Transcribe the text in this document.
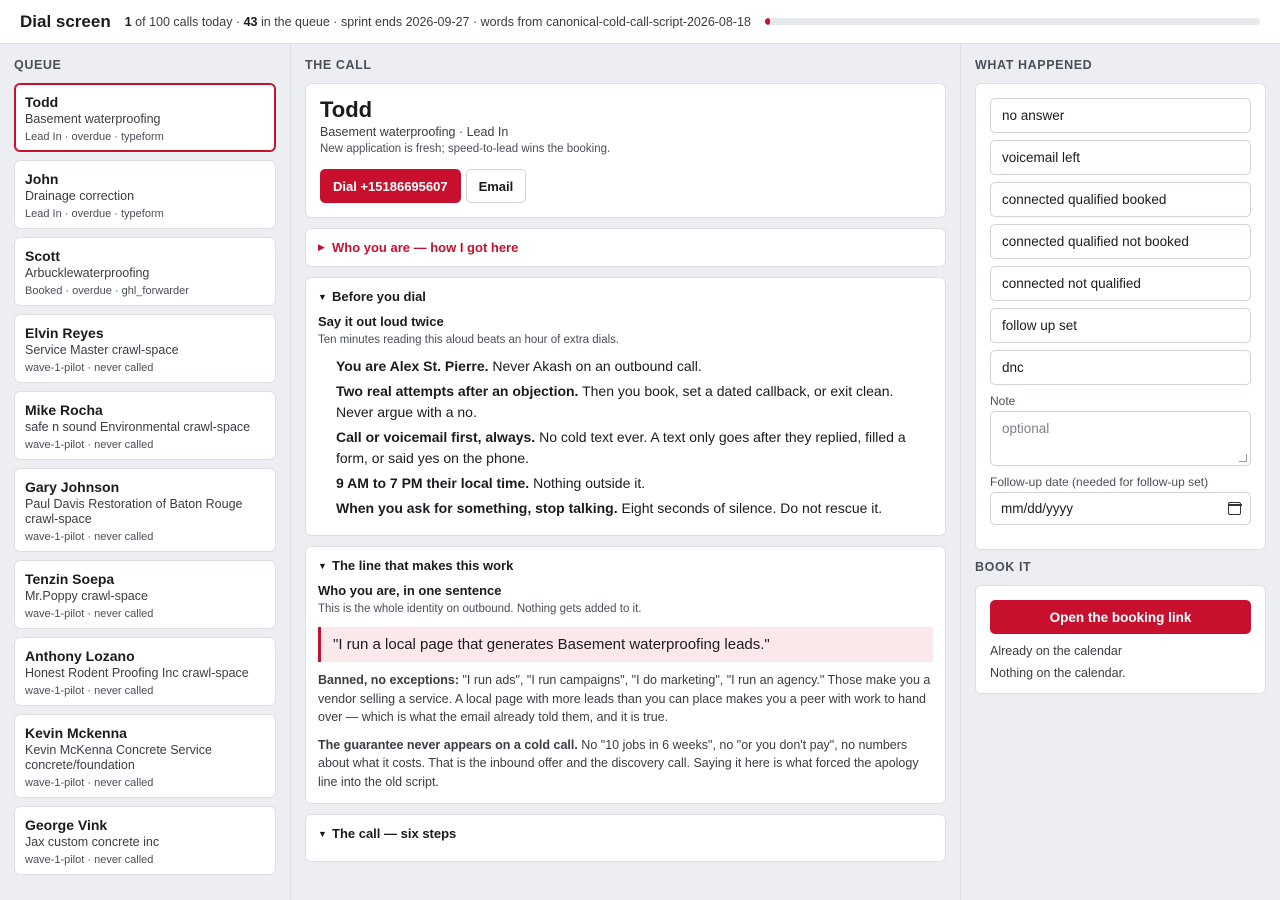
Dial screen 1 of 100 calls today · 43 in the queue · sprint ends 2026-09-27 · words from canonical-cold-call-script-2026-08-18
QUEUE
Todd
Basement waterproofing
Lead In · overdue · typeform
John
Drainage correction
Lead In · overdue · typeform
Scott
Arbucklewaterproofing
Booked · overdue · ghl_forwarder
Elvin Reyes
Service Master crawl-space
wave-1-pilot · never called
Mike Rocha
safe n sound Environmental crawl-space
wave-1-pilot · never called
Gary Johnson
Paul Davis Restoration of Baton Rouge crawl-space
wave-1-pilot · never called
Tenzin Soepa
Mr.Poppy crawl-space
wave-1-pilot · never called
Anthony Lozano
Honest Rodent Proofing Inc crawl-space
wave-1-pilot · never called
Kevin Mckenna
Kevin McKenna Concrete Service concrete/foundation
wave-1-pilot · never called
George Vink
Jax custom concrete inc
wave-1-pilot · never called
THE CALL
Todd
Basement waterproofing · Lead In
New application is fresh; speed-to-lead wins the booking.
Dial +15186695607	Email
▶ Who you are — how I got here
▼ Before you dial
Say it out loud twice
Ten minutes reading this aloud beats an hour of extra dials.
You are Alex St. Pierre. Never Akash on an outbound call.
Two real attempts after an objection. Then you book, set a dated callback, or exit clean. Never argue with a no.
Call or voicemail first, always. No cold text ever. A text only goes after they replied, filled a form, or said yes on the phone.
9 AM to 7 PM their local time. Nothing outside it.
When you ask for something, stop talking. Eight seconds of silence. Do not rescue it.
▼ The line that makes this work
Who you are, in one sentence
This is the whole identity on outbound. Nothing gets added to it.
"I run a local page that generates Basement waterproofing leads."
Banned, no exceptions: "I run ads", "I run campaigns", "I do marketing", "I run an agency." Those make you a vendor selling a service. A local page with more leads than you can place makes you a peer with work to hand over — which is what the email already told them, and it is true.
The guarantee never appears on a cold call. No "10 jobs in 6 weeks", no "or you don't pay", no numbers about what it costs. That is the inbound offer and the discovery call. Saying it here is what forced the apology line into the old script.
▼ The call — six steps
WHAT HAPPENED
no answer
voicemail left
connected qualified booked
connected qualified not booked
connected not qualified
follow up set
dnc
Note
optional
Follow-up date (needed for follow-up set)
mm/dd/yyyy
BOOK IT
Open the booking link
Already on the calendar
Nothing on the calendar.
